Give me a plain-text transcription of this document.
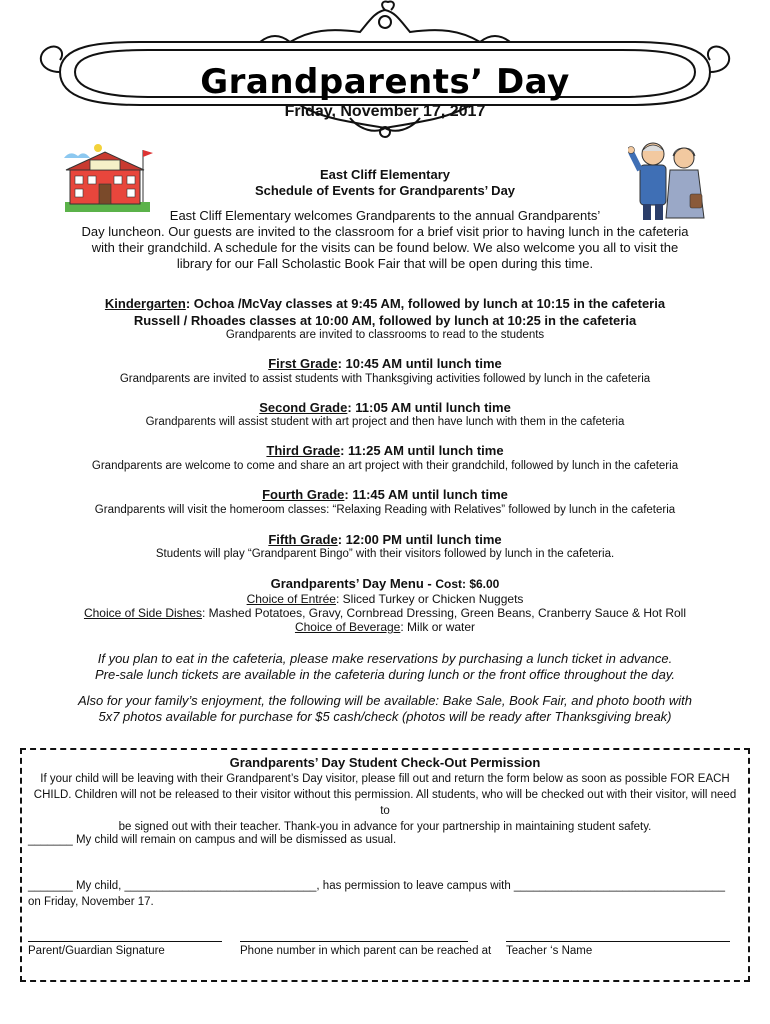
Grandparents’ Day
Friday, November 17, 2017
East Cliff Elementary
Schedule of Events for Grandparents’ Day

East Cliff Elementary welcomes Grandparents to the annual Grandparents’

Day luncheon. Our guests are invited to the classroom for a brief visit prior to having lunch in the cafeteria

with their grandchild. A schedule for the visits can be found below. We also welcome you all to visit the

library for our Fall Scholastic Book Fair that will be open during this time.

Kindergarten: Ochoa /McVay classes at 9:45 AM, followed by lunch at 10:15 in the cafeteria
Russell / Rhoades classes at 10:00 AM, followed by lunch at 10:25 in the cafeteria
Grandparents are invited to classrooms to read to the students
First Grade: 10:45 AM until lunch time
Grandparents are invited to assist students with Thanksgiving activities followed by lunch in the cafeteria
Second Grade: 11:05 AM until lunch time
Grandparents will assist student with art project and then have lunch with them in the cafeteria
Third Grade: 11:25 AM until lunch time
Grandparents are welcome to come and share an art project with their grandchild, followed by lunch in the cafeteria
Fourth Grade: 11:45 AM until lunch time
Grandparents will visit the homeroom classes: “Relaxing Reading with Relatives” followed by lunch in the cafeteria
Fifth Grade: 12:00 PM until lunch time
Students will play “Grandparent Bingo” with their visitors followed by lunch in the cafeteria.
Grandparents’ Day Menu - Cost: $6.00
Choice of Entrée: Sliced Turkey or Chicken Nuggets
Choice of Side Dishes: Mashed Potatoes, Gravy, Cornbread Dressing, Green Beans, Cranberry Sauce & Hot Roll
Choice of Beverage: Milk or water
If you plan to eat in the cafeteria, please make reservations by purchasing a lunch ticket in advance.
Pre-sale lunch tickets are available in the cafeteria during lunch or the front office throughout the day.
Also for your family’s enjoyment, the following will be available: Bake Sale, Book Fair, and photo booth with
5x7 photos available for purchase for $5 cash/check (photos will be ready after Thanksgiving break)
Grandparents’ Day Student Check-Out Permission
If your child will be leaving with their Grandparent’s Day visitor, please fill out and return the form below as soon as possible FOR EACH
CHILD. Children will not be released to their visitor without this permission. All students, who will be checked out with their visitor, will need to
be signed out with their teacher. Thank-you in advance for your partnership in maintaining student safety.
_______ My child will remain on campus and will be dismissed as usual.
_______ My child, ______________________________, has permission to leave campus with _________________________________
on Friday, November 17.
Parent/Guardian Signature	Phone number in which parent can be reached at Teacher ‘s Name
